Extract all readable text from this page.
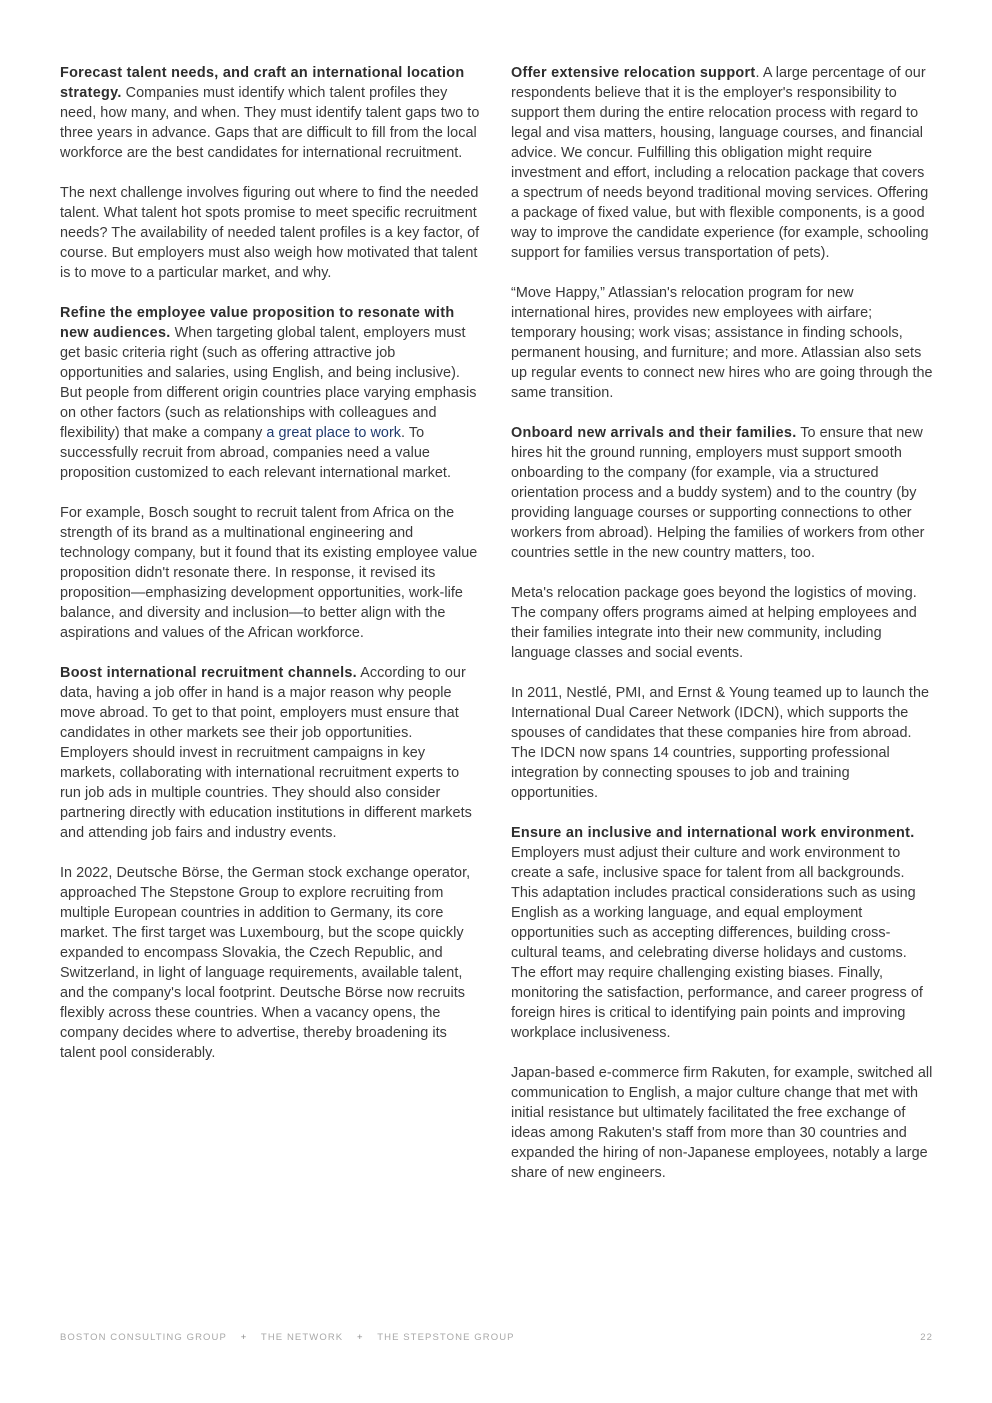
Forecast talent needs, and craft an international location strategy. Companies must identify which talent profiles they need, how many, and when. They must identify talent gaps two to three years in advance. Gaps that are difficult to fill from the local workforce are the best candidates for international recruitment.

The next challenge involves figuring out where to find the needed talent. What talent hot spots promise to meet specific recruitment needs? The availability of needed talent profiles is a key factor, of course. But employers must also weigh how motivated that talent is to move to a particular market, and why.

Refine the employee value proposition to resonate with new audiences. When targeting global talent, employers must get basic criteria right (such as offering attractive job opportunities and salaries, using English, and being inclusive). But people from different origin countries place varying emphasis on other factors (such as relationships with colleagues and flexibility) that make a company a great place to work. To successfully recruit from abroad, companies need a value proposition customized to each relevant international market.

For example, Bosch sought to recruit talent from Africa on the strength of its brand as a multinational engineering and technology company, but it found that its existing employee value proposition didn't resonate there. In response, it revised its proposition—emphasizing development opportunities, work-life balance, and diversity and inclusion—to better align with the aspirations and values of the African workforce.

Boost international recruitment channels. According to our data, having a job offer in hand is a major reason why people move abroad. To get to that point, employers must ensure that candidates in other markets see their job opportunities. Employers should invest in recruitment campaigns in key markets, collaborating with international recruitment experts to run job ads in multiple countries. They should also consider partnering directly with education institutions in different markets and attending job fairs and industry events.

In 2022, Deutsche Börse, the German stock exchange operator, approached The Stepstone Group to explore recruiting from multiple European countries in addition to Germany, its core market. The first target was Luxembourg, but the scope quickly expanded to encompass Slovakia, the Czech Republic, and Switzerland, in light of language requirements, available talent, and the company's local footprint. Deutsche Börse now recruits flexibly across these countries. When a vacancy opens, the company decides where to advertise, thereby broadening its talent pool considerably.

Offer extensive relocation support. A large percentage of our respondents believe that it is the employer's responsibility to support them during the entire relocation process with regard to legal and visa matters, housing, language courses, and financial advice. We concur. Fulfilling this obligation might require investment and effort, including a relocation package that covers a spectrum of needs beyond traditional moving services. Offering a package of fixed value, but with flexible components, is a good way to improve the candidate experience (for example, schooling support for families versus transportation of pets).

“Move Happy,” Atlassian's relocation program for new international hires, provides new employees with airfare; temporary housing; work visas; assistance in finding schools, permanent housing, and furniture; and more. Atlassian also sets up regular events to connect new hires who are going through the same transition.

Onboard new arrivals and their families. To ensure that new hires hit the ground running, employers must support smooth onboarding to the company (for example, via a structured orientation process and a buddy system) and to the country (by providing language courses or supporting connections to other workers from abroad). Helping the families of workers from other countries settle in the new country matters, too.

Meta's relocation package goes beyond the logistics of moving. The company offers programs aimed at helping employees and their families integrate into their new community, including language classes and social events.

In 2011, Nestlé, PMI, and Ernst & Young teamed up to launch the International Dual Career Network (IDCN), which supports the spouses of candidates that these companies hire from abroad. The IDCN now spans 14 countries, supporting professional integration by connecting spouses to job and training opportunities.

Ensure an inclusive and international work environment. Employers must adjust their culture and work environment to create a safe, inclusive space for talent from all backgrounds. This adaptation includes practical considerations such as using English as a working language, and equal employment opportunities such as accepting differences, building cross-cultural teams, and celebrating diverse holidays and customs. The effort may require challenging existing biases. Finally, monitoring the satisfaction, performance, and career progress of foreign hires is critical to identifying pain points and improving workplace inclusiveness.

Japan-based e-commerce firm Rakuten, for example, switched all communication to English, a major culture change that met with initial resistance but ultimately facilitated the free exchange of ideas among Rakuten's staff from more than 30 countries and expanded the hiring of non-Japanese employees, notably a large share of new engineers.

BOSTON CONSULTING GROUP + THE NETWORK + THE STEPSTONE GROUP	22
